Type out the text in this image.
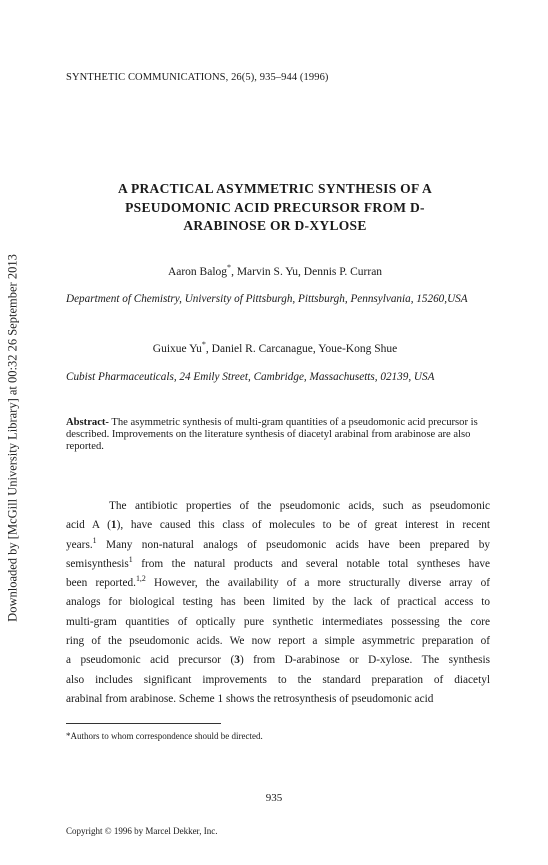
Downloaded by [McGill University Library] at 00:32 26 September 2013
SYNTHETIC COMMUNICATIONS, 26(5), 935–944 (1996)
A PRACTICAL ASYMMETRIC SYNTHESIS OF A
PSEUDOMONIC ACID PRECURSOR FROM D-
ARABINOSE OR D-XYLOSE
Aaron Balog*, Marvin S. Yu, Dennis P. Curran
Department of Chemistry, University of Pittsburgh, Pittsburgh, Pennsylvania, 15260,USA
Guixue Yu*, Daniel R. Carcanague, Youe-Kong Shue
Cubist Pharmaceuticals, 24 Emily Street, Cambridge, Massachusetts, 02139, USA
Abstract- The asymmetric synthesis of multi-gram quantities of a pseudomonic acid precursor is described. Improvements on the literature synthesis of diacetyl arabinal from arabinose are also reported.
The antibiotic properties of the pseudomonic acids, such as pseudomonic
acid A (1), have caused this class of molecules to be of great interest in recent
years.$^1$ Many non-natural analogs of pseudomonic acids have been prepared by
semisynthesis$^1$ from the natural products and several notable total syntheses have
been reported.$^{1,2}$ However, the availability of a more structurally diverse array of
analogs for biological testing has been limited by the lack of practical access to
multi-gram quantities of optically pure synthetic intermediates possessing the core
ring of the pseudomonic acids. We now report a simple asymmetric preparation of
a pseudomonic acid precursor (3) from D-arabinose or D-xylose. The synthesis
also includes significant improvements to the standard preparation of diacetyl
arabinal from arabinose. Scheme 1 shows the retrosynthesis of pseudomonic acid
*Authors to whom correspondence should be directed.
935
Copyright © 1996 by Marcel Dekker, Inc.
